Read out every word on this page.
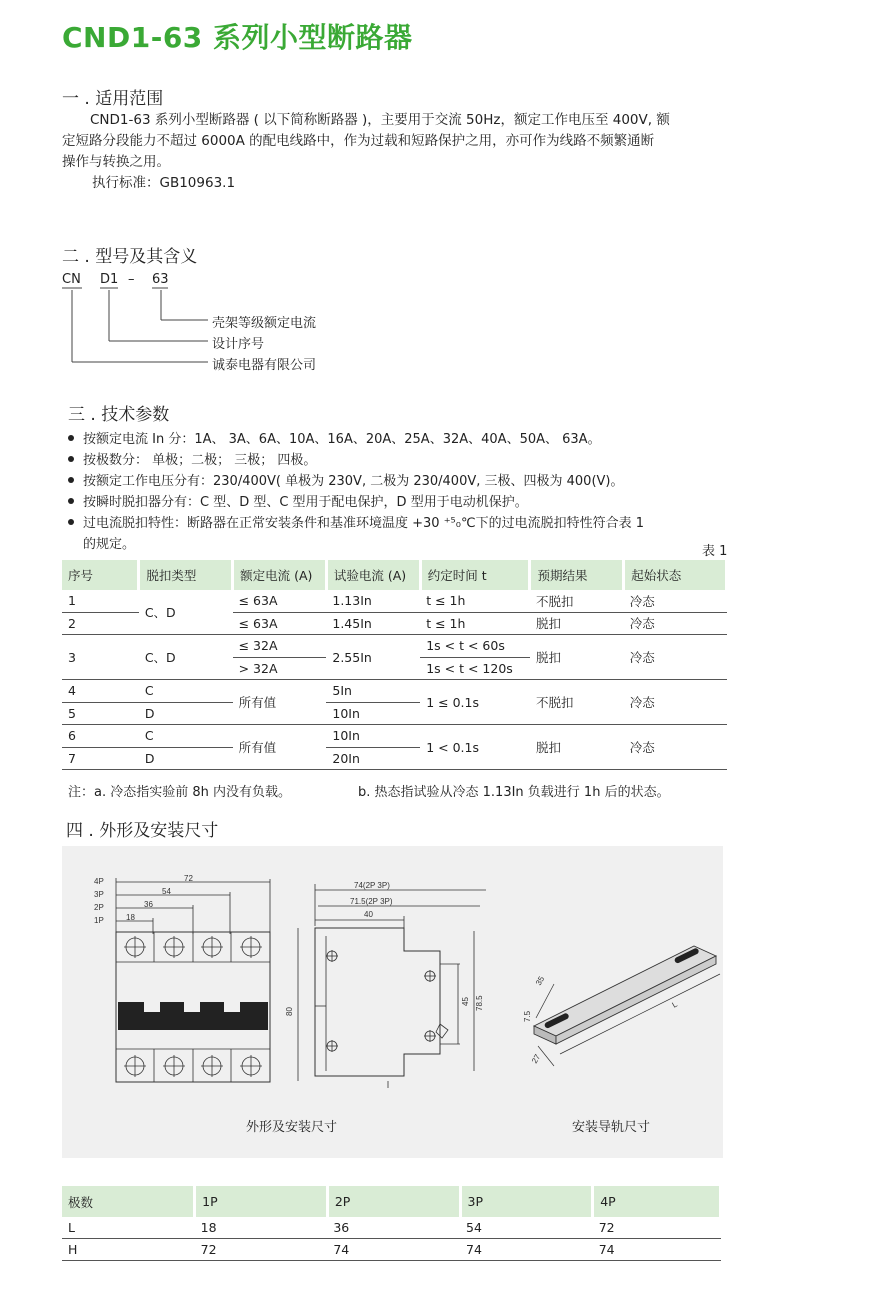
CND1-63 系列小型断路器
一 . 适用范围
CND1-63 系列小型断路器 ( 以下简称断路器 )，主要用于交流 50Hz，额定工作电压至 400V, 额
定短路分段能力不超过 6000A 的配电线路中，作为过载和短路保护之用，亦可作为线路不频繁通断
操作与转换之用。
执行标准：GB10963.1
二 . 型号及其含义
CN D1 – 63
壳架等级额定电流
设计序号
诚泰电器有限公司
三 . 技术参数
按额定电流 In 分：1A、 3A、6A、10A、16A、20A、25A、32A、40A、50A、 63A。
按极数分： 单极；二极； 三极； 四极。
按额定工作电压分有：230/400V( 单极为 230V, 二极为 230/400V, 三极、四极为 400(V)。
按瞬时脱扣器分有：C 型、D 型、C 型用于配电保护，D 型用于电动机保护。
过电流脱扣特性：断路器在正常安装条件和基准环境温度 +30 ⁺⁵₀℃下的过电流脱扣特性符合表 1
的规定。	表 1
序号	脱扣类型	额定电流 (A)	试验电流 (A)	约定时间 t	预期结果	起始状态
1	C、D	≤ 63A	1.13In	t ≤ 1h	不脱扣	冷态
2		≤ 63A	1.45In	t ≤ 1h	脱扣	冷态
3	C、D	≤ 32A	2.55In	1s < t < 60s	脱扣	冷态
		> 32A		1s < t < 120s		
4	C	所有值	5In	1 ≤ 0.1s	不脱扣	冷态
5	D		10In			
6	C	所有值	10In	1 < 0.1s	脱扣	冷态
7	D		20In			
注：a. 冷态指实验前 8h 内没有负载。	b. 热态指试验从冷态 1.13In 负载进行 1h 后的状态。
四 . 外形及安装尺寸
4P
3P
2P
1P
72
54
36
18
74(2P 3P)
71.5(2P 3P)
40
80
45 78.5
35
7.5
27
L
外形及安装尺寸	安装导轨尺寸
极数	1P	2P	3P	4P
L	18	36	54	72
H	72	74	74	74
